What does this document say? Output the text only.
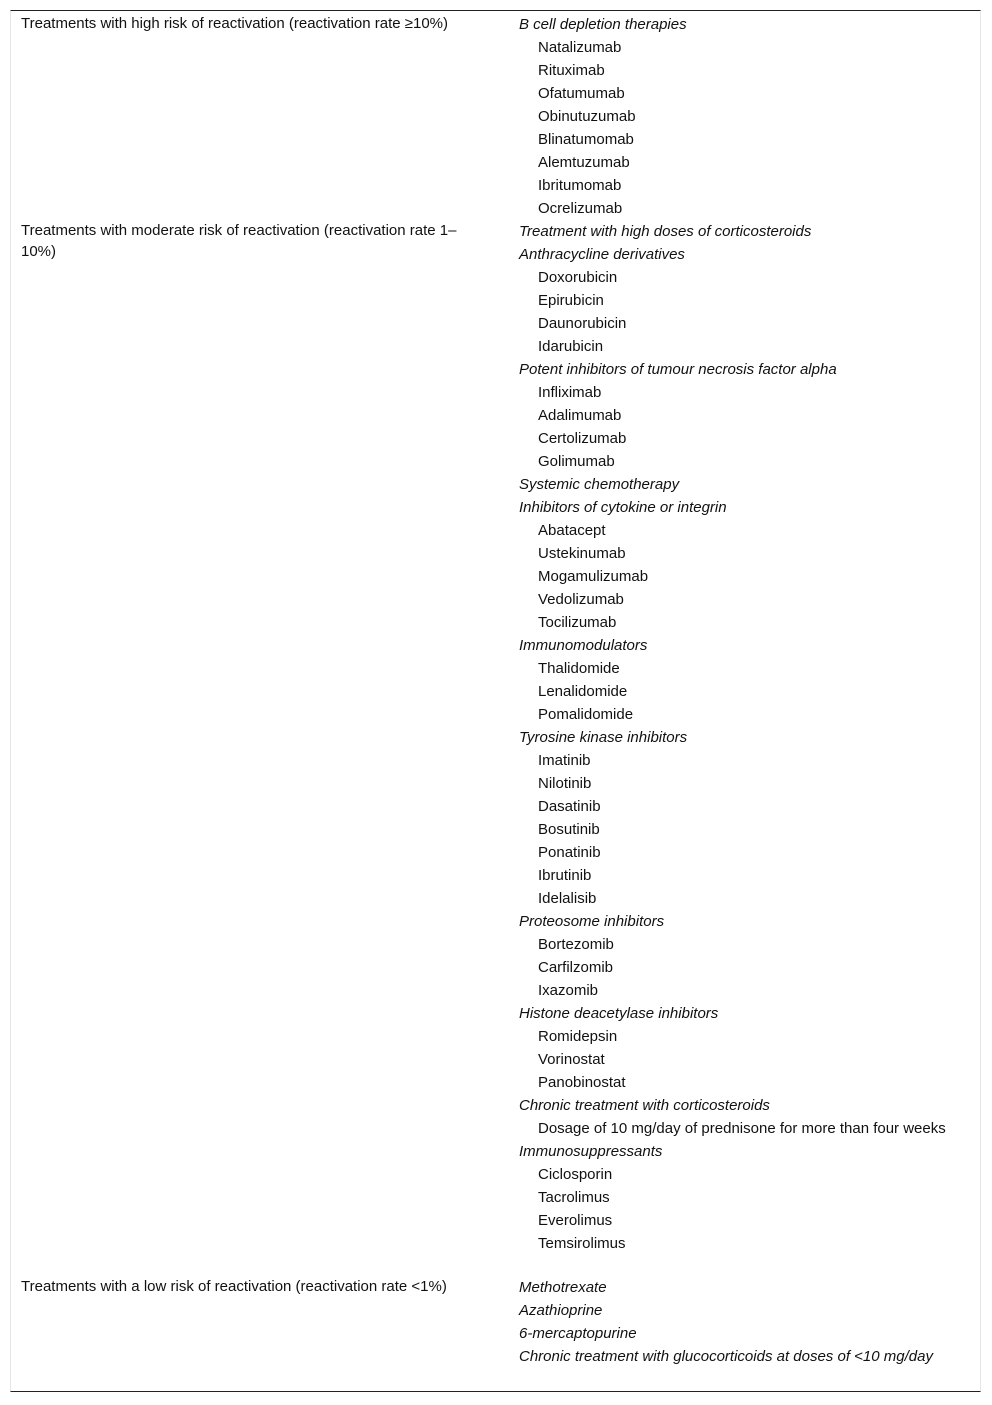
Treatments with high risk of reactivation (reactivation rate ≥10%)	B cell depletion therapies
Natalizumab
Rituximab
Ofatumumab
Obinutuzumab
Blinatumomab
Alemtuzumab
Ibritumomab
Ocrelizumab
Treatments with moderate risk of reactivation (reactivation rate 1–10%)
Treatment with high doses of corticosteroids
Anthracycline derivatives
Doxorubicin
Epirubicin
Daunorubicin
Idarubicin
Potent inhibitors of tumour necrosis factor alpha
Infliximab
Adalimumab
Certolizumab
Golimumab
Systemic chemotherapy
Inhibitors of cytokine or integrin
Abatacept
Ustekinumab
Mogamulizumab
Vedolizumab
Tocilizumab
Immunomodulators
Thalidomide
Lenalidomide
Pomalidomide
Tyrosine kinase inhibitors
Imatinib
Nilotinib
Dasatinib
Bosutinib
Ponatinib
Ibrutinib
Idelalisib
Proteosome inhibitors
Bortezomib
Carfilzomib
Ixazomib
Histone deacetylase inhibitors
Romidepsin
Vorinostat
Panobinostat
Chronic treatment with corticosteroids
Dosage of 10 mg/day of prednisone for more than four weeks
Immunosuppressants
Ciclosporin
Tacrolimus
Everolimus
Temsirolimus
Treatments with a low risk of reactivation (reactivation rate <1%)	Methotrexate
Azathioprine
6-mercaptopurine
Chronic treatment with glucocorticoids at doses of <10 mg/day
